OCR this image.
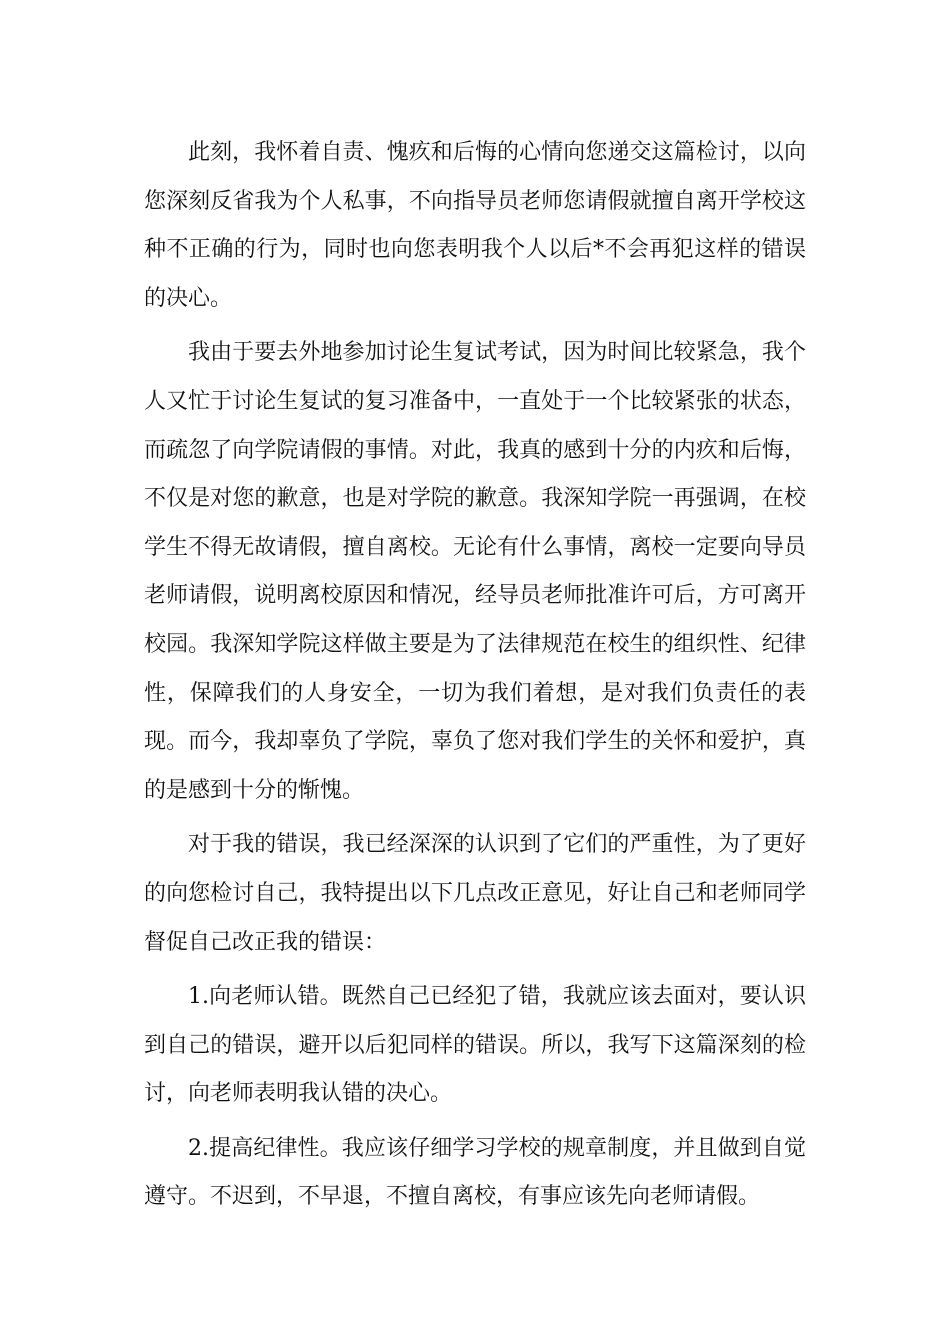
此刻，我怀着自责、愧疚和后悔的心情向您递交这篇检讨，以向您深刻反省我为个人私事，不向指导员老师您请假就擅自离开学校这种不正确的行为，同时也向您表明我个人以后*不会再犯这样的错误的决心。

我由于要去外地参加讨论生复试考试，因为时间比较紧急，我个人又忙于讨论生复试的复习准备中，一直处于一个比较紧张的状态，而疏忽了向学院请假的事情。对此，我真的感到十分的内疚和后悔，不仅是对您的歉意，也是对学院的歉意。我深知学院一再强调，在校学生不得无故请假，擅自离校。无论有什么事情，离校一定要向导员老师请假，说明离校原因和情况，经导员老师批准许可后，方可离开校园。我深知学院这样做主要是为了法律规范在校生的组织性、纪律性，保障我们的人身安全，一切为我们着想，是对我们负责任的表现。而今，我却辜负了学院，辜负了您对我们学生的关怀和爱护，真的是感到十分的惭愧。

对于我的错误，我已经深深的认识到了它们的严重性，为了更好的向您检讨自己，我特提出以下几点改正意见，好让自己和老师同学督促自己改正我的错误：

1.向老师认错。既然自己已经犯了错，我就应该去面对，要认识到自己的错误，避开以后犯同样的错误。所以，我写下这篇深刻的检讨，向老师表明我认错的决心。

2.提高纪律性。我应该仔细学习学校的规章制度，并且做到自觉遵守。不迟到，不早退，不擅自离校，有事应该先向老师请假。
